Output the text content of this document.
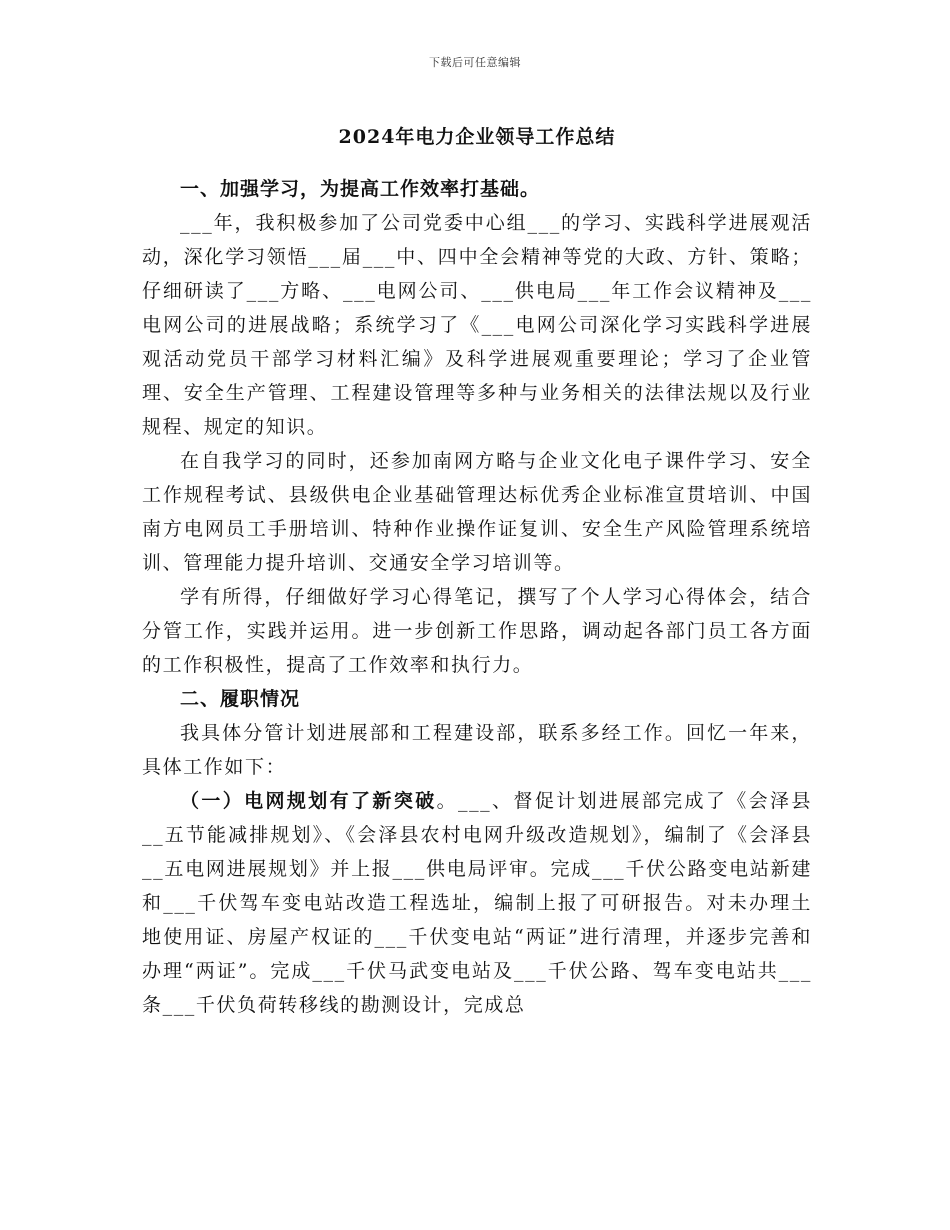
下载后可任意编辑
2024年电力企业领导工作总结

一、加强学习，为提高工作效率打基础。

___年，我积极参加了公司党委中心组___的学习、实践科学进展观活动，深化学习领悟___届___中、四中全会精神等党的大政、方针、策略；仔细研读了___方略、___电网公司、___供电局___年工作会议精神及___电网公司的进展战略；系统学习了《___电网公司深化学习实践科学进展观活动党员干部学习材料汇编》及科学进展观重要理论；学习了企业管理、安全生产管理、工程建设管理等多种与业务相关的法律法规以及行业规程、规定的知识。

在自我学习的同时，还参加南网方略与企业文化电子课件学习、安全工作规程考试、县级供电企业基础管理达标优秀企业标准宣贯培训、中国南方电网员工手册培训、特种作业操作证复训、安全生产风险管理系统培训、管理能力提升培训、交通安全学习培训等。

学有所得，仔细做好学习心得笔记，撰写了个人学习心得体会，结合分管工作，实践并运用。进一步创新工作思路，调动起各部门员工各方面的工作积极性，提高了工作效率和执行力。

二、履职情况

我具体分管计划进展部和工程建设部，联系多经工作。回忆一年来，具体工作如下：

（一）电网规划有了新突破。___、督促计划进展部完成了《会泽县__五节能减排规划》、《会泽县农村电网升级改造规划》，编制了《会泽县__五电网进展规划》并上报___供电局评审。完成___千伏公路变电站新建和___千伏驾车变电站改造工程选址，编制上报了可研报告。对未办理土地使用证、房屋产权证的___千伏变电站“两证”进行清理，并逐步完善和办理“两证”。完成___千伏马武变电站及___千伏公路、驾车变电站共___条___千伏负荷转移线的勘测设计，完成总
